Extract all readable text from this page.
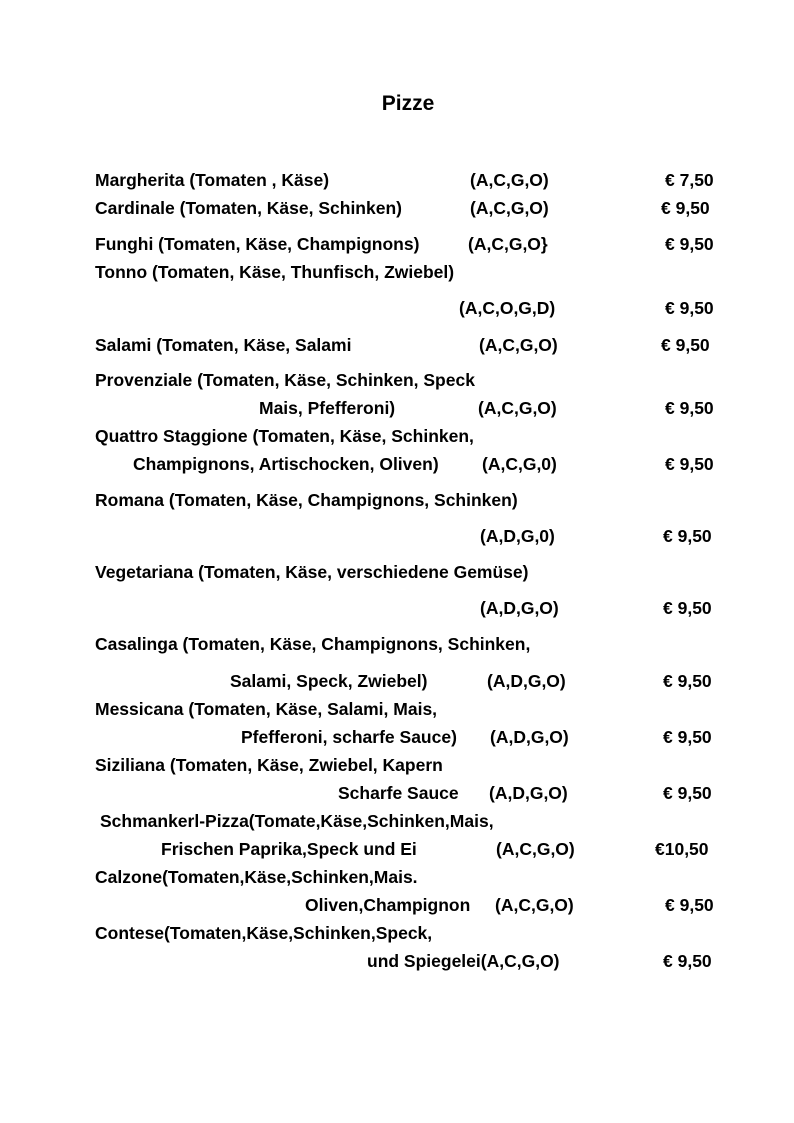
Pizze
Margherita (Tomaten , Käse)	(A,C,G,O)	€ 7,50
Cardinale (Tomaten, Käse, Schinken)	(A,C,G,O)	€ 9,50
Funghi (Tomaten, Käse, Champignons)	(A,C,G,O}	€ 9,50
Tonno (Tomaten, Käse, Thunfisch, Zwiebel)
(A,C,O,G,D)	€ 9,50
Salami (Tomaten, Käse, Salami	(A,C,G,O)	€ 9,50
Provenziale (Tomaten, Käse, Schinken, Speck
Mais, Pfefferoni)	(A,C,G,O)	€ 9,50
Quattro Staggione (Tomaten, Käse, Schinken,
Champignons, Artischocken, Oliven) (A,C,G,0)	€ 9,50
Romana (Tomaten, Käse, Champignons, Schinken)
(A,D,G,0)	€ 9,50
Vegetariana (Tomaten, Käse, verschiedene Gemüse)
(A,D,G,O)	€ 9,50
Casalinga (Tomaten, Käse, Champignons, Schinken,
Salami, Speck, Zwiebel)	(A,D,G,O)	€ 9,50
Messicana (Tomaten, Käse, Salami, Mais,
Pfefferoni, scharfe Sauce) (A,D,G,O)	€ 9,50
Siziliana (Tomaten, Käse, Zwiebel, Kapern
Scharfe Sauce (A,D,G,O)	€ 9,50
Schmankerl-Pizza(Tomate,Käse,Schinken,Mais,
Frischen Paprika,Speck und Ei	(A,C,G,O)	€10,50
Calzone(Tomaten,Käse,Schinken,Mais.
Oliven,Champignon (A,C,G,O)	€ 9,50
Contese(Tomaten,Käse,Schinken,Speck,
und Spiegelei(A,C,G,O)	€ 9,50
